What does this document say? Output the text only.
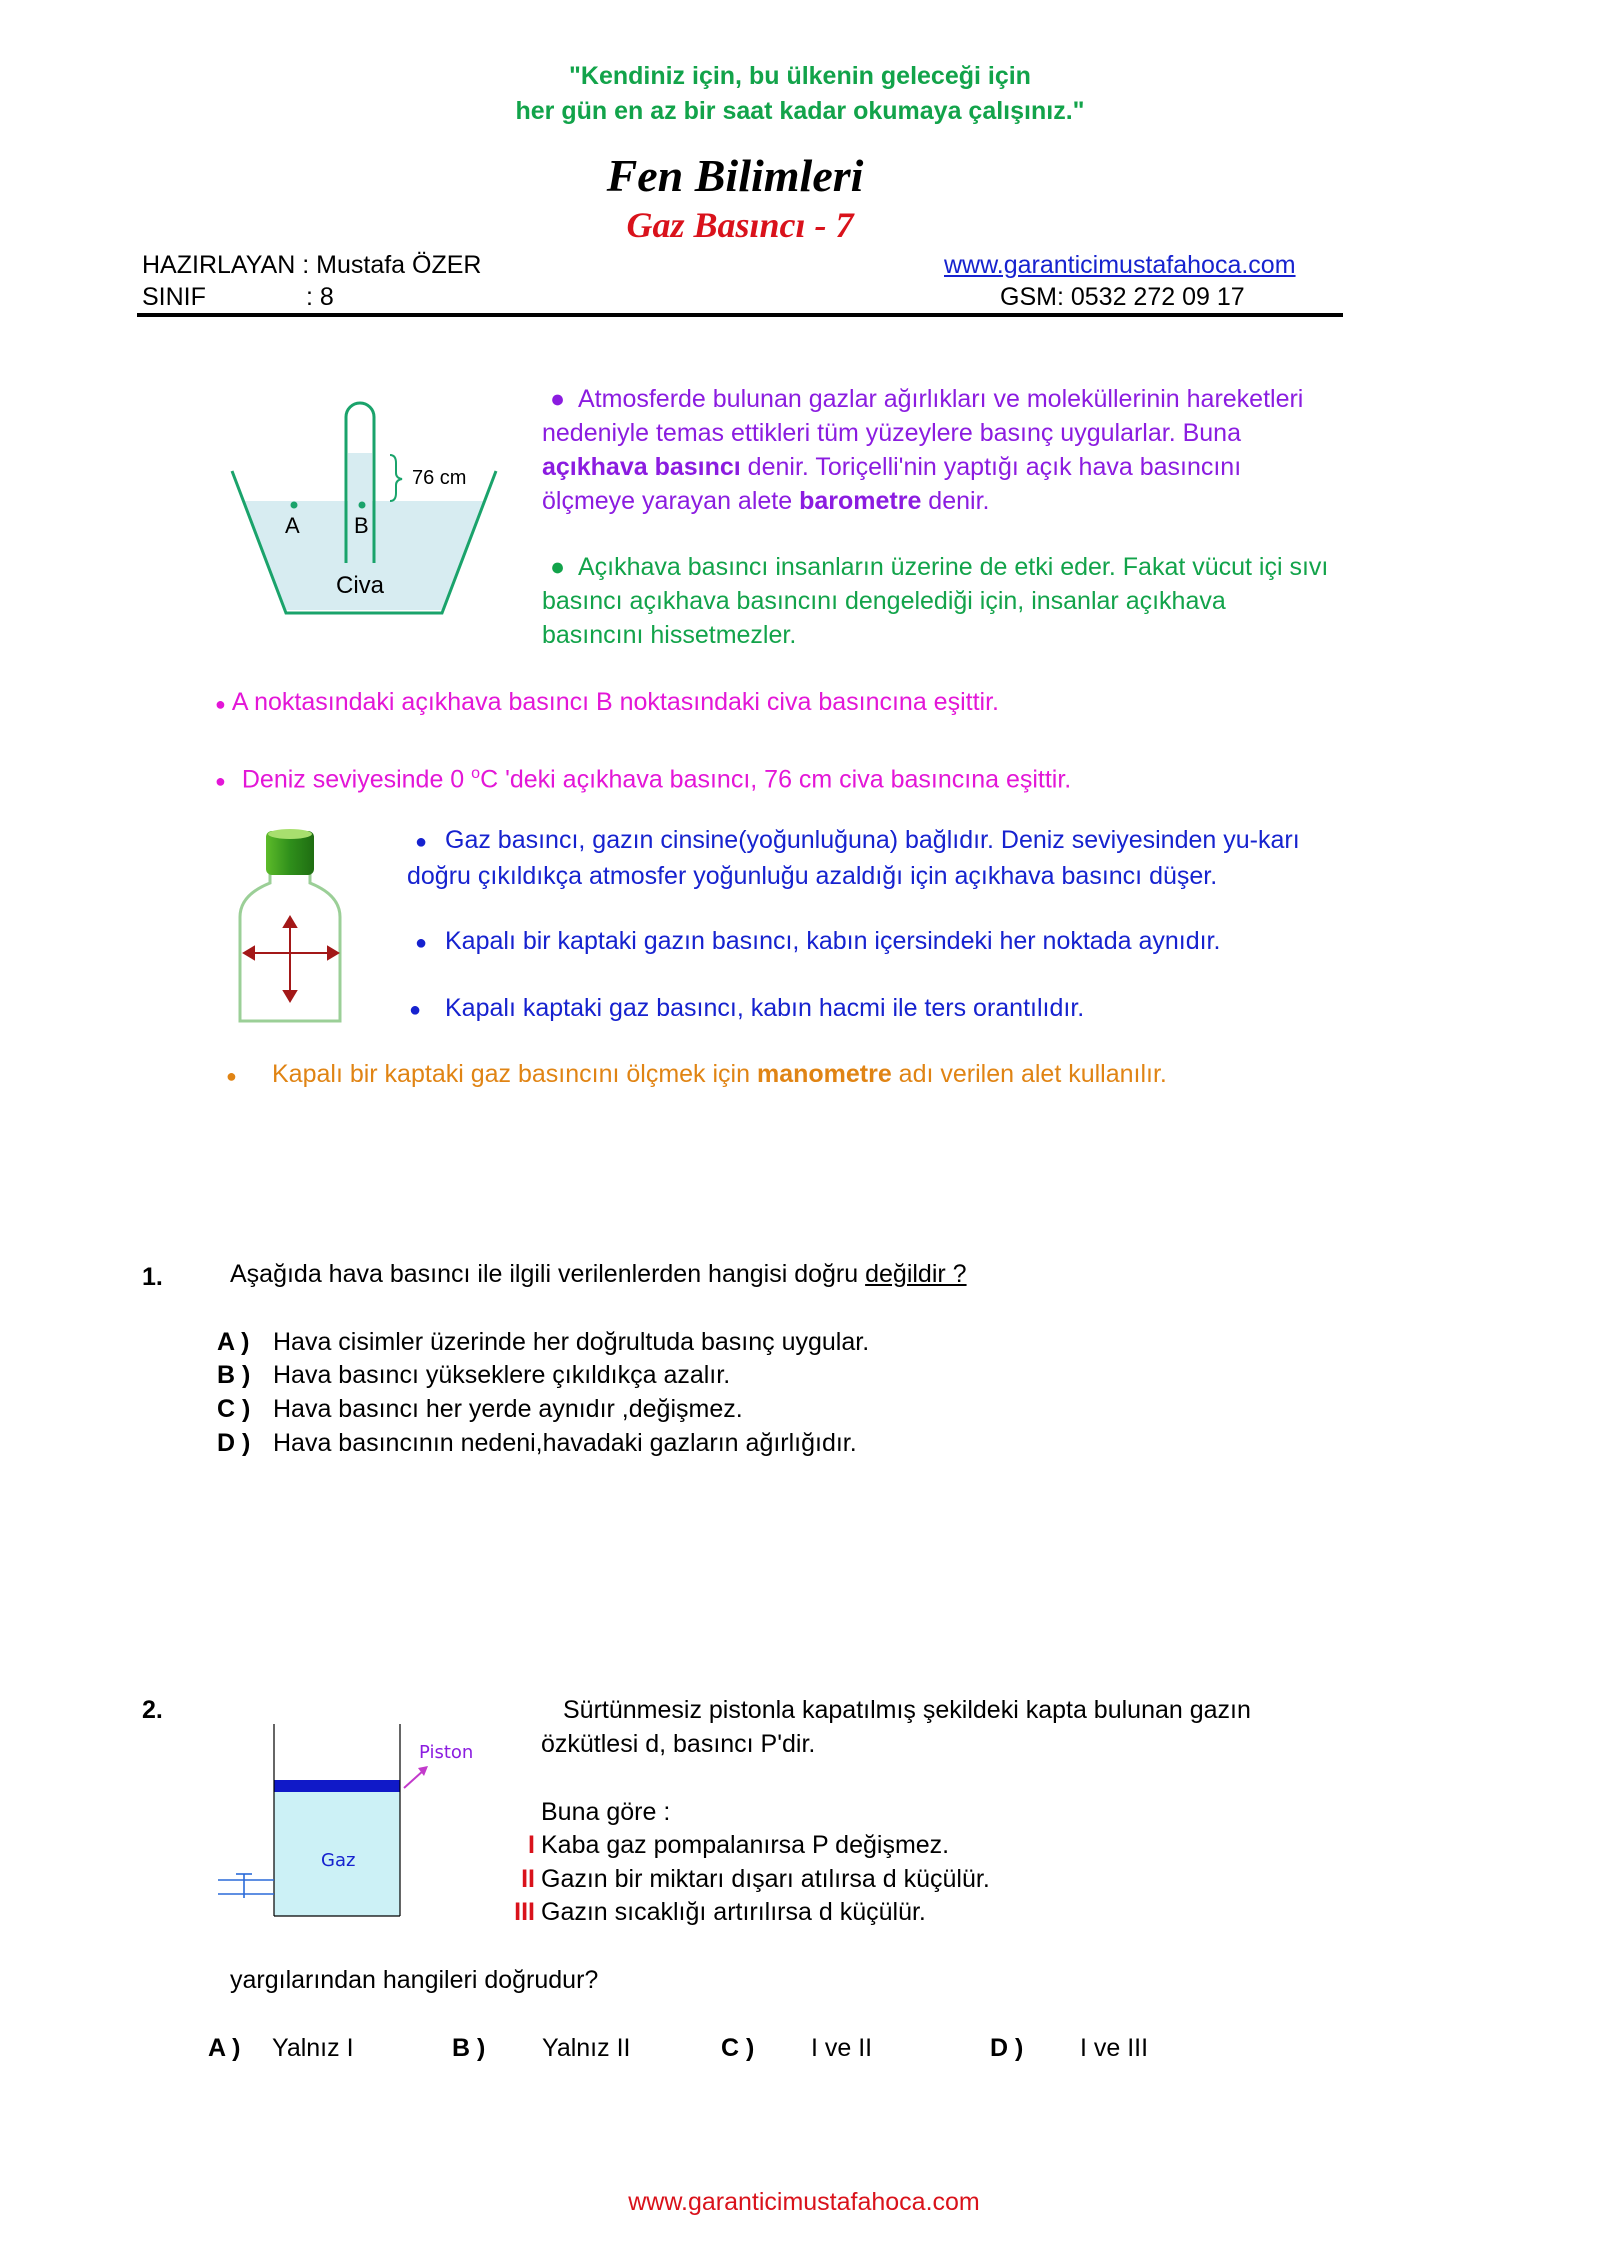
"Kendiniz için, bu ülkenin geleceği için
her gün en az bir saat kadar okumaya çalışınız."
Fen Bilimleri
Gaz Basıncı - 7
HAZIRLAYAN : Mustafa ÖZER
SINIF	: 8
www.garanticimustafahoca.com
GSM: 0532 272 09 17
76 cm
A B
Civa
● Atmosferde bulunan gazlar ağırlıkları ve moleküllerinin hareketleri nedeniyle temas ettikleri tüm yüzeylere basınç uygularlar. Buna açıkhava basıncı denir. Toriçelli'nin yaptığı açık hava basıncını ölçmeye yarayan alete barometre denir.
● Açıkhava basıncı insanların üzerine de etki eder. Fakat vücut içi sıvı basıncı açıkhava basıncını dengelediği için, insanlar açıkhava basıncını hissetmezler.
● A noktasındaki açıkhava basıncı B noktasındaki civa basıncına eşittir.
● Deniz seviyesinde 0 $^o$C 'deki açıkhava basıncı, 76 cm civa basıncına eşittir.
● Gaz basıncı, gazın cinsine(yoğunluğuna) bağlıdır. Deniz seviyesinden yu-karı doğru çıkıldıkça atmosfer yoğunluğu azaldığı için açıkhava basıncı düşer.
● Kapalı bir kaptaki gazın basıncı, kabın içersindeki her noktada aynıdır.
● Kapalı kaptaki gaz basıncı, kabın hacmi ile ters orantılıdır.
● Kapalı bir kaptaki gaz basıncını ölçmek için manometre adı verilen alet kullanılır.
1.	Aşağıda hava basıncı ile ilgili verilenlerden hangisi doğru değildir ?
A ) Hava cisimler üzerinde her doğrultuda basınç uygular.
B ) Hava basıncı yükseklere çıkıldıkça azalır.
C ) Hava basıncı her yerde aynıdır ,değişmez.
D ) Hava basıncının nedeni,havadaki gazların ağırlığıdır.
2.
Piston
Gaz
Sürtünmesiz pistonla kapatılmış şekildeki kapta bulunan gazın
özkütlesi d, basıncı P'dir.
Buna göre :
I Kaba gaz pompalanırsa P değişmez.
II Gazın bir miktarı dışarı atılırsa d küçülür.
III Gazın sıcaklığı artırılırsa d küçülür.
yargılarından hangileri doğrudur?
A ) Yalnız I	B ) Yalnız II	C ) I ve II	D ) I ve III
www.garanticimustafahoca.com
